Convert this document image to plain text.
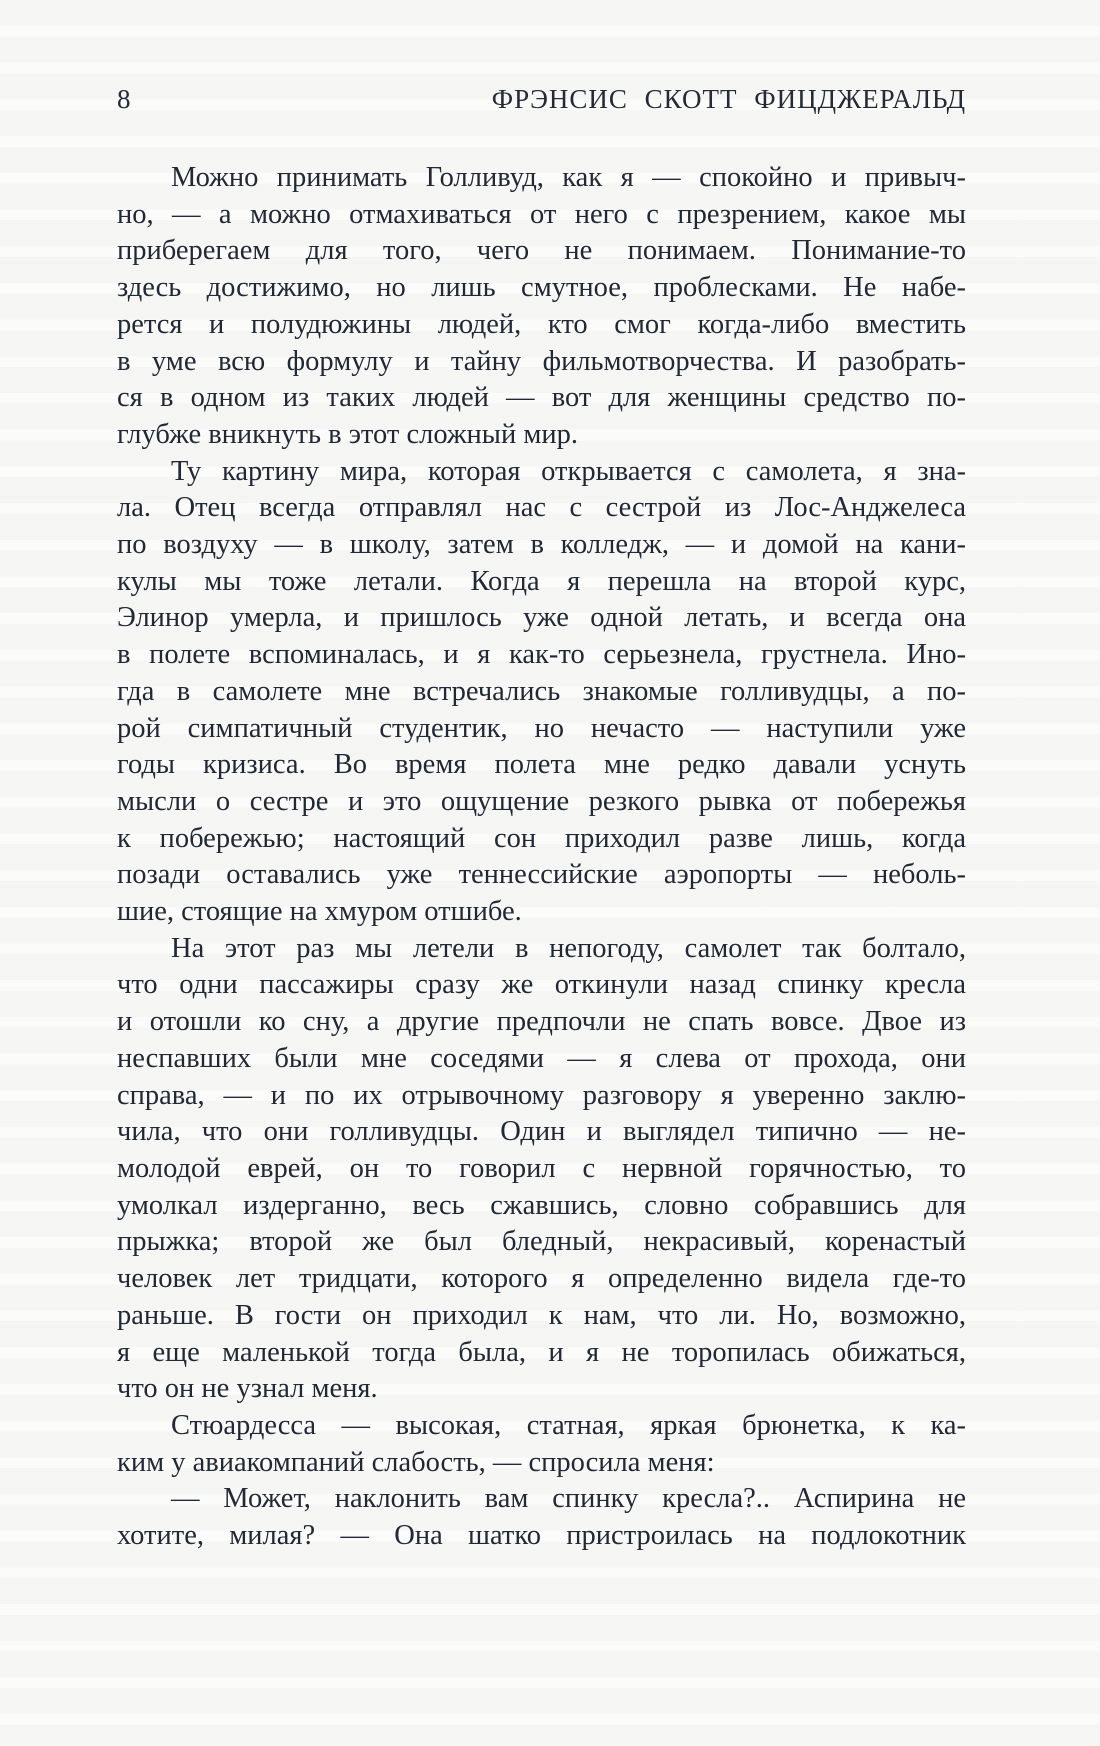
8	ФРЭНСИС СКОТТ ФИЦДЖЕРАЛЬД
Можно принимать Голливуд, как я — спокойно и привыч-
но, — а можно отмахиваться от него с презрением, какое мы
приберегаем для того, чего не понимаем. Понимание-то
здесь достижимо, но лишь смутное, проблесками. Не набе-
рется и полудюжины людей, кто смог когда-либо вместить
в уме всю формулу и тайну фильмотворчества. И разобрать-
ся в одном из таких людей — вот для женщины средство по-
глубже вникнуть в этот сложный мир.
Ту картину мира, которая открывается с самолета, я зна-
ла. Отец всегда отправлял нас с сестрой из Лос-Анджелеса
по воздуху — в школу, затем в колледж, — и домой на кани-
кулы мы тоже летали. Когда я перешла на второй курс,
Элинор умерла, и пришлось уже одной летать, и всегда она
в полете вспоминалась, и я как-то серьезнела, грустнела. Ино-
гда в самолете мне встречались знакомые голливудцы, а по-
рой симпатичный студентик, но нечасто — наступили уже
годы кризиса. Во время полета мне редко давали уснуть
мысли о сестре и это ощущение резкого рывка от побережья
к побережью; настоящий сон приходил разве лишь, когда
позади оставались уже теннессийские аэропорты — неболь-
шие, стоящие на хмуром отшибе.
На этот раз мы летели в непогоду, самолет так болтало,
что одни пассажиры сразу же откинули назад спинку кресла
и отошли ко сну, а другие предпочли не спать вовсе. Двое из
неспавших были мне соседями — я слева от прохода, они
справа, — и по их отрывочному разговору я уверенно заклю-
чила, что они голливудцы. Один и выглядел типично — не-
молодой еврей, он то говорил с нервной горячностью, то
умолкал издерганно, весь сжавшись, словно собравшись для
прыжка; второй же был бледный, некрасивый, коренастый
человек лет тридцати, которого я определенно видела где-то
раньше. В гости он приходил к нам, что ли. Но, возможно,
я еще маленькой тогда была, и я не торопилась обижаться,
что он не узнал меня.
Стюардесса — высокая, статная, яркая брюнетка, к ка-
ким у авиакомпаний слабость, — спросила меня:
— Может, наклонить вам спинку кресла?.. Аспирина не
хотите, милая? — Она шатко пристроилась на подлокотник
